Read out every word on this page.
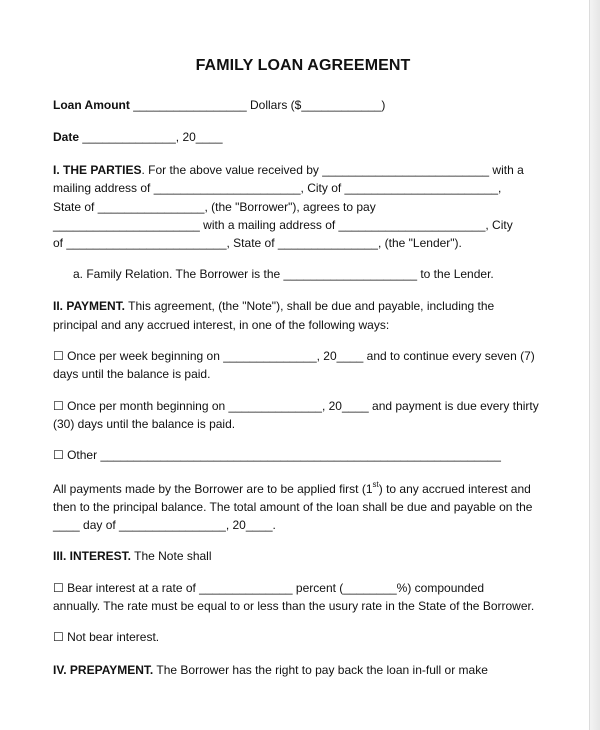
FAMILY LOAN AGREEMENT
Loan Amount _________________ Dollars ($____________)
Date ______________, 20____
I. THE PARTIES. For the above value received by _________________________ with a
mailing address of ______________________, City of _______________________,
State of ________________, (the "Borrower"), agrees to pay
______________________ with a mailing address of ______________________, City
of ________________________, State of _______________, (the "Lender").
a. Family Relation. The Borrower is the ____________________ to the Lender.
II. PAYMENT. This agreement, (the "Note"), shall be due and payable, including the
principal and any accrued interest, in one of the following ways:
☐ Once per week beginning on ______________, 20____ and to continue every seven (7)
days until the balance is paid.
☐ Once per month beginning on ______________, 20____ and payment is due every thirty
(30) days until the balance is paid.
☐ Other ____________________________________________________________
All payments made by the Borrower are to be applied first (1st) to any accrued interest and
then to the principal balance. The total amount of the loan shall be due and payable on the
____ day of ________________, 20____.
III. INTEREST. The Note shall
☐ Bear interest at a rate of ______________ percent (________%) compounded
annually. The rate must be equal to or less than the usury rate in the State of the Borrower.
☐ Not bear interest.
IV. PREPAYMENT. The Borrower has the right to pay back the loan in-full or make
